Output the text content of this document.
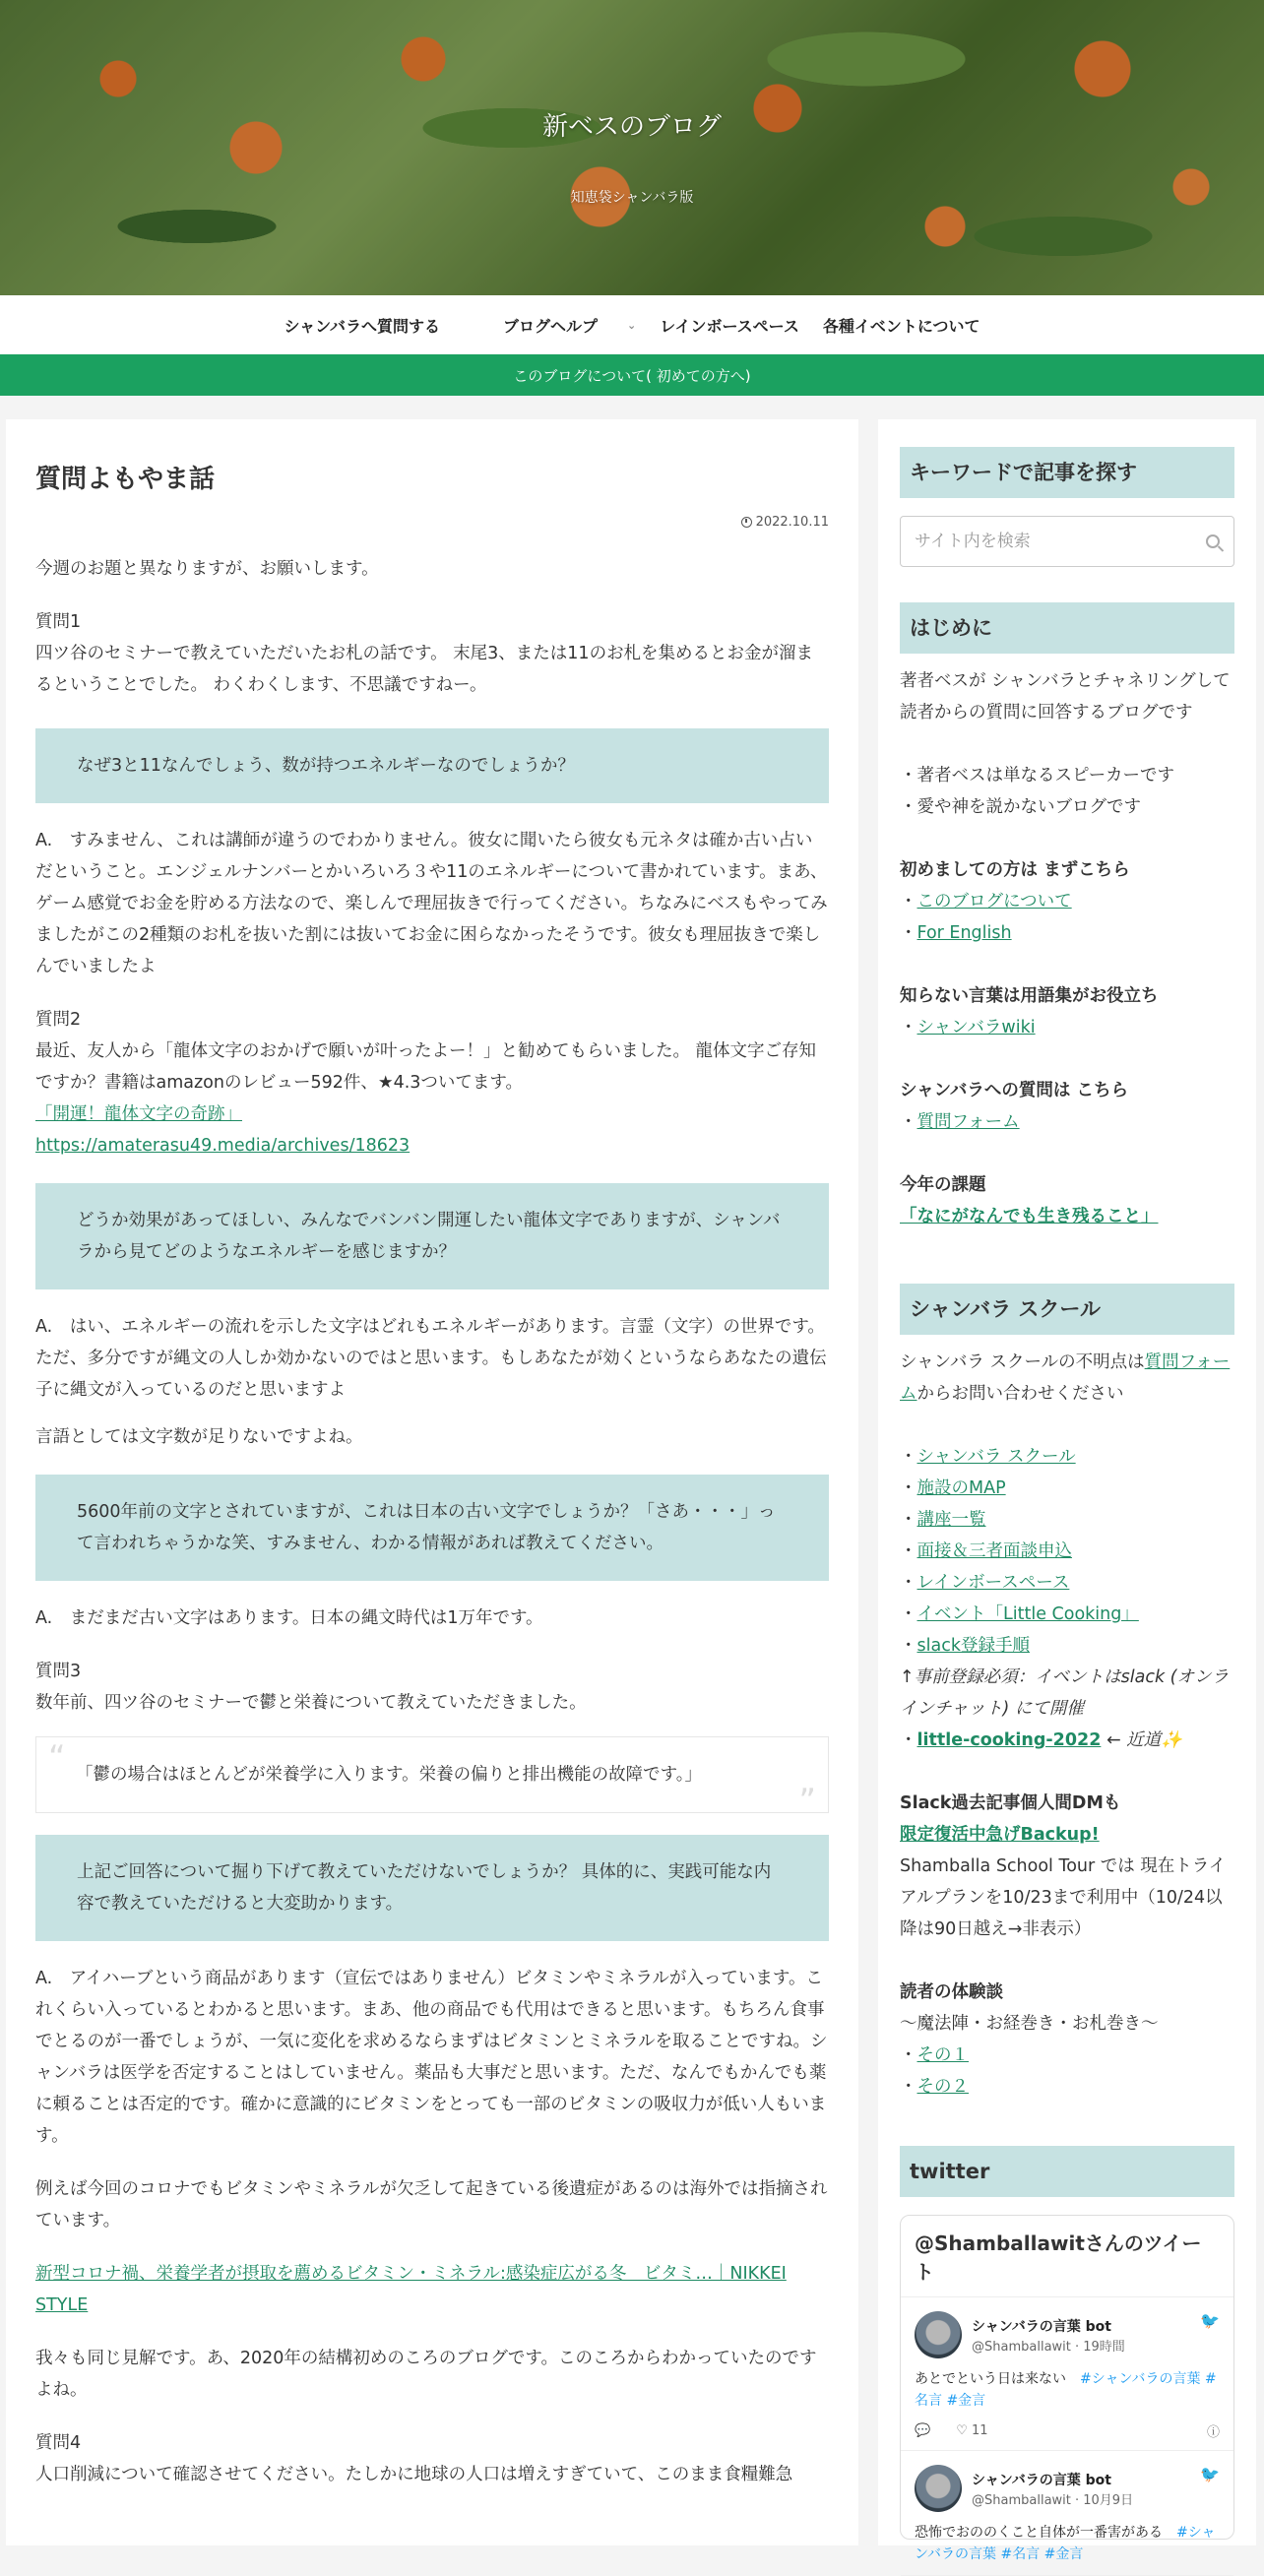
新ベスのブログ
知恵袋シャンバラ版
シャンバラへ質問する	ブログヘルプ	⌄ レインボースペース 各種イベントについて
このブログについて( 初めての方へ)
質問よもやま話
2022.10.11
今週のお題と異なりますが、お願いします。
質問1
四ツ谷のセミナーで教えていただいたお札の話です。 末尾3、または11のお札を集めるとお金が溜まるということでした。 わくわくします、不思議ですねー。
なぜ3と11なんでしょう、数が持つエネルギーなのでしょうか？
A.　すみません、これは講師が違うのでわかりません。彼女に聞いたら彼女も元ネタは確か古い占いだということ。エンジェルナンバーとかいろいろ３や11のエネルギーについて書かれています。まあ、ゲーム感覚でお金を貯める方法なので、楽しんで理屈抜きで行ってください。ちなみにベスもやってみましたがこの2種類のお札を抜いた割には抜いてお金に困らなかったそうです。彼女も理屈抜きで楽しんでいましたよ
質問2
最近、友人から「龍体文字のおかげで願いが叶ったよー！」と勧めてもらいました。 龍体文字ご存知ですか？書籍はamazonのレビュー592件、★4.3ついてます。
「開運！龍体文字の奇跡」
https://amaterasu49.media/archives/18623
どうか効果があってほしい、みんなでバンバン開運したい龍体文字でありますが、シャンバラから見てどのようなエネルギーを感じますか？
A.　はい、エネルギーの流れを示した文字はどれもエネルギーがあります。言霊（文字）の世界です。ただ、多分ですが縄文の人しか効かないのではと思います。もしあなたが効くというならあなたの遺伝子に縄文が入っているのだと思いますよ
言語としては文字数が足りないですよね。
5600年前の文字とされていますが、これは日本の古い文字でしょうか？「さあ・・・」って言われちゃうかな笑、すみません、わかる情報があれば教えてください。
A.　まだまだ古い文字はあります。日本の縄文時代は1万年です。
質問3
数年前、四ツ谷のセミナーで鬱と栄養について教えていただきました。
“ 「鬱の場合はほとんどが栄養学に入ります。栄養の偏りと排出機能の故障です。」
”
上記ご回答について掘り下げて教えていただけないでしょうか？ 具体的に、実践可能な内容で教えていただけると大変助かります。
A.　アイハーブという商品があります（宣伝ではありません）ビタミンやミネラルが入っています。これくらい入っているとわかると思います。まあ、他の商品でも代用はできると思います。もちろん食事でとるのが一番でしょうが、一気に変化を求めるならまずはビタミンとミネラルを取ることですね。シャンバラは医学を否定することはしていません。薬品も大事だと思います。ただ、なんでもかんでも薬に頼ることは否定的です。確かに意識的にビタミンをとっても一部のビタミンの吸収力が低い人もいます。
例えば今回のコロナでもビタミンやミネラルが欠乏して起きている後遺症があるのは海外では指摘されています。
新型コロナ禍、栄養学者が摂取を薦めるビタミン・ミネラル:感染症広がる冬　ビタミ…｜NIKKEI STYLE
我々も同じ見解です。あ、2020年の結構初めのころのブログです。このころからわかっていたのですよね。
質問4
人口削減について確認させてください。たしかに地球の人口は増えすぎていて、このまま食糧難急
キーワードで記事を探す
サイト内を検索
はじめに
著者ベスが シャンバラとチャネリングして 読者からの質問に回答するブログです
・著者ベスは単なるスピーカーです
・愛や神を説かないブログです
初めましての方は まずこちら
・このブログについて
・For English
知らない言葉は用語集がお役立ち
・シャンバラwiki
シャンバラへの質問は こちら
・質問フォーム
今年の課題
「なにがなんでも生き残ること」
シャンバラ スクール
シャンバラ スクールの不明点は質問フォームからお問い合わせください
・シャンバラ スクール
・施設のMAP
・講座一覧
・面接＆三者面談申込
・レインボースペース
・イベント「Little Cooking」
・slack登録手順
↑事前登録必須：イベントはslack (オンラインチャット) にて開催
・little-cooking-2022 ← 近道✨
Slack過去記事個人間DMも
限定復活中急げBackup!
Shamballa School Tour では 現在トライアルプランを10/23まで利用中（10/24以降は90日越え→非表示）
読者の体験談
〜魔法陣・お経巻き・お札巻き〜
・その１
・その２
twitter
@Shamballawitさんのツイート
シャンバラの言葉 bot
@Shamballawit · 19時間
🐦
あとでという日は来ない　 #シャンバラの言葉 #名言 #金言
💬 ♡ 11	ⓘ
シャンバラの言葉 bot
@Shamballawit · 10月9日
🐦
恐怖でおののくこと自体が一番害がある　 #シャンバラの言葉 #名言 #金言
